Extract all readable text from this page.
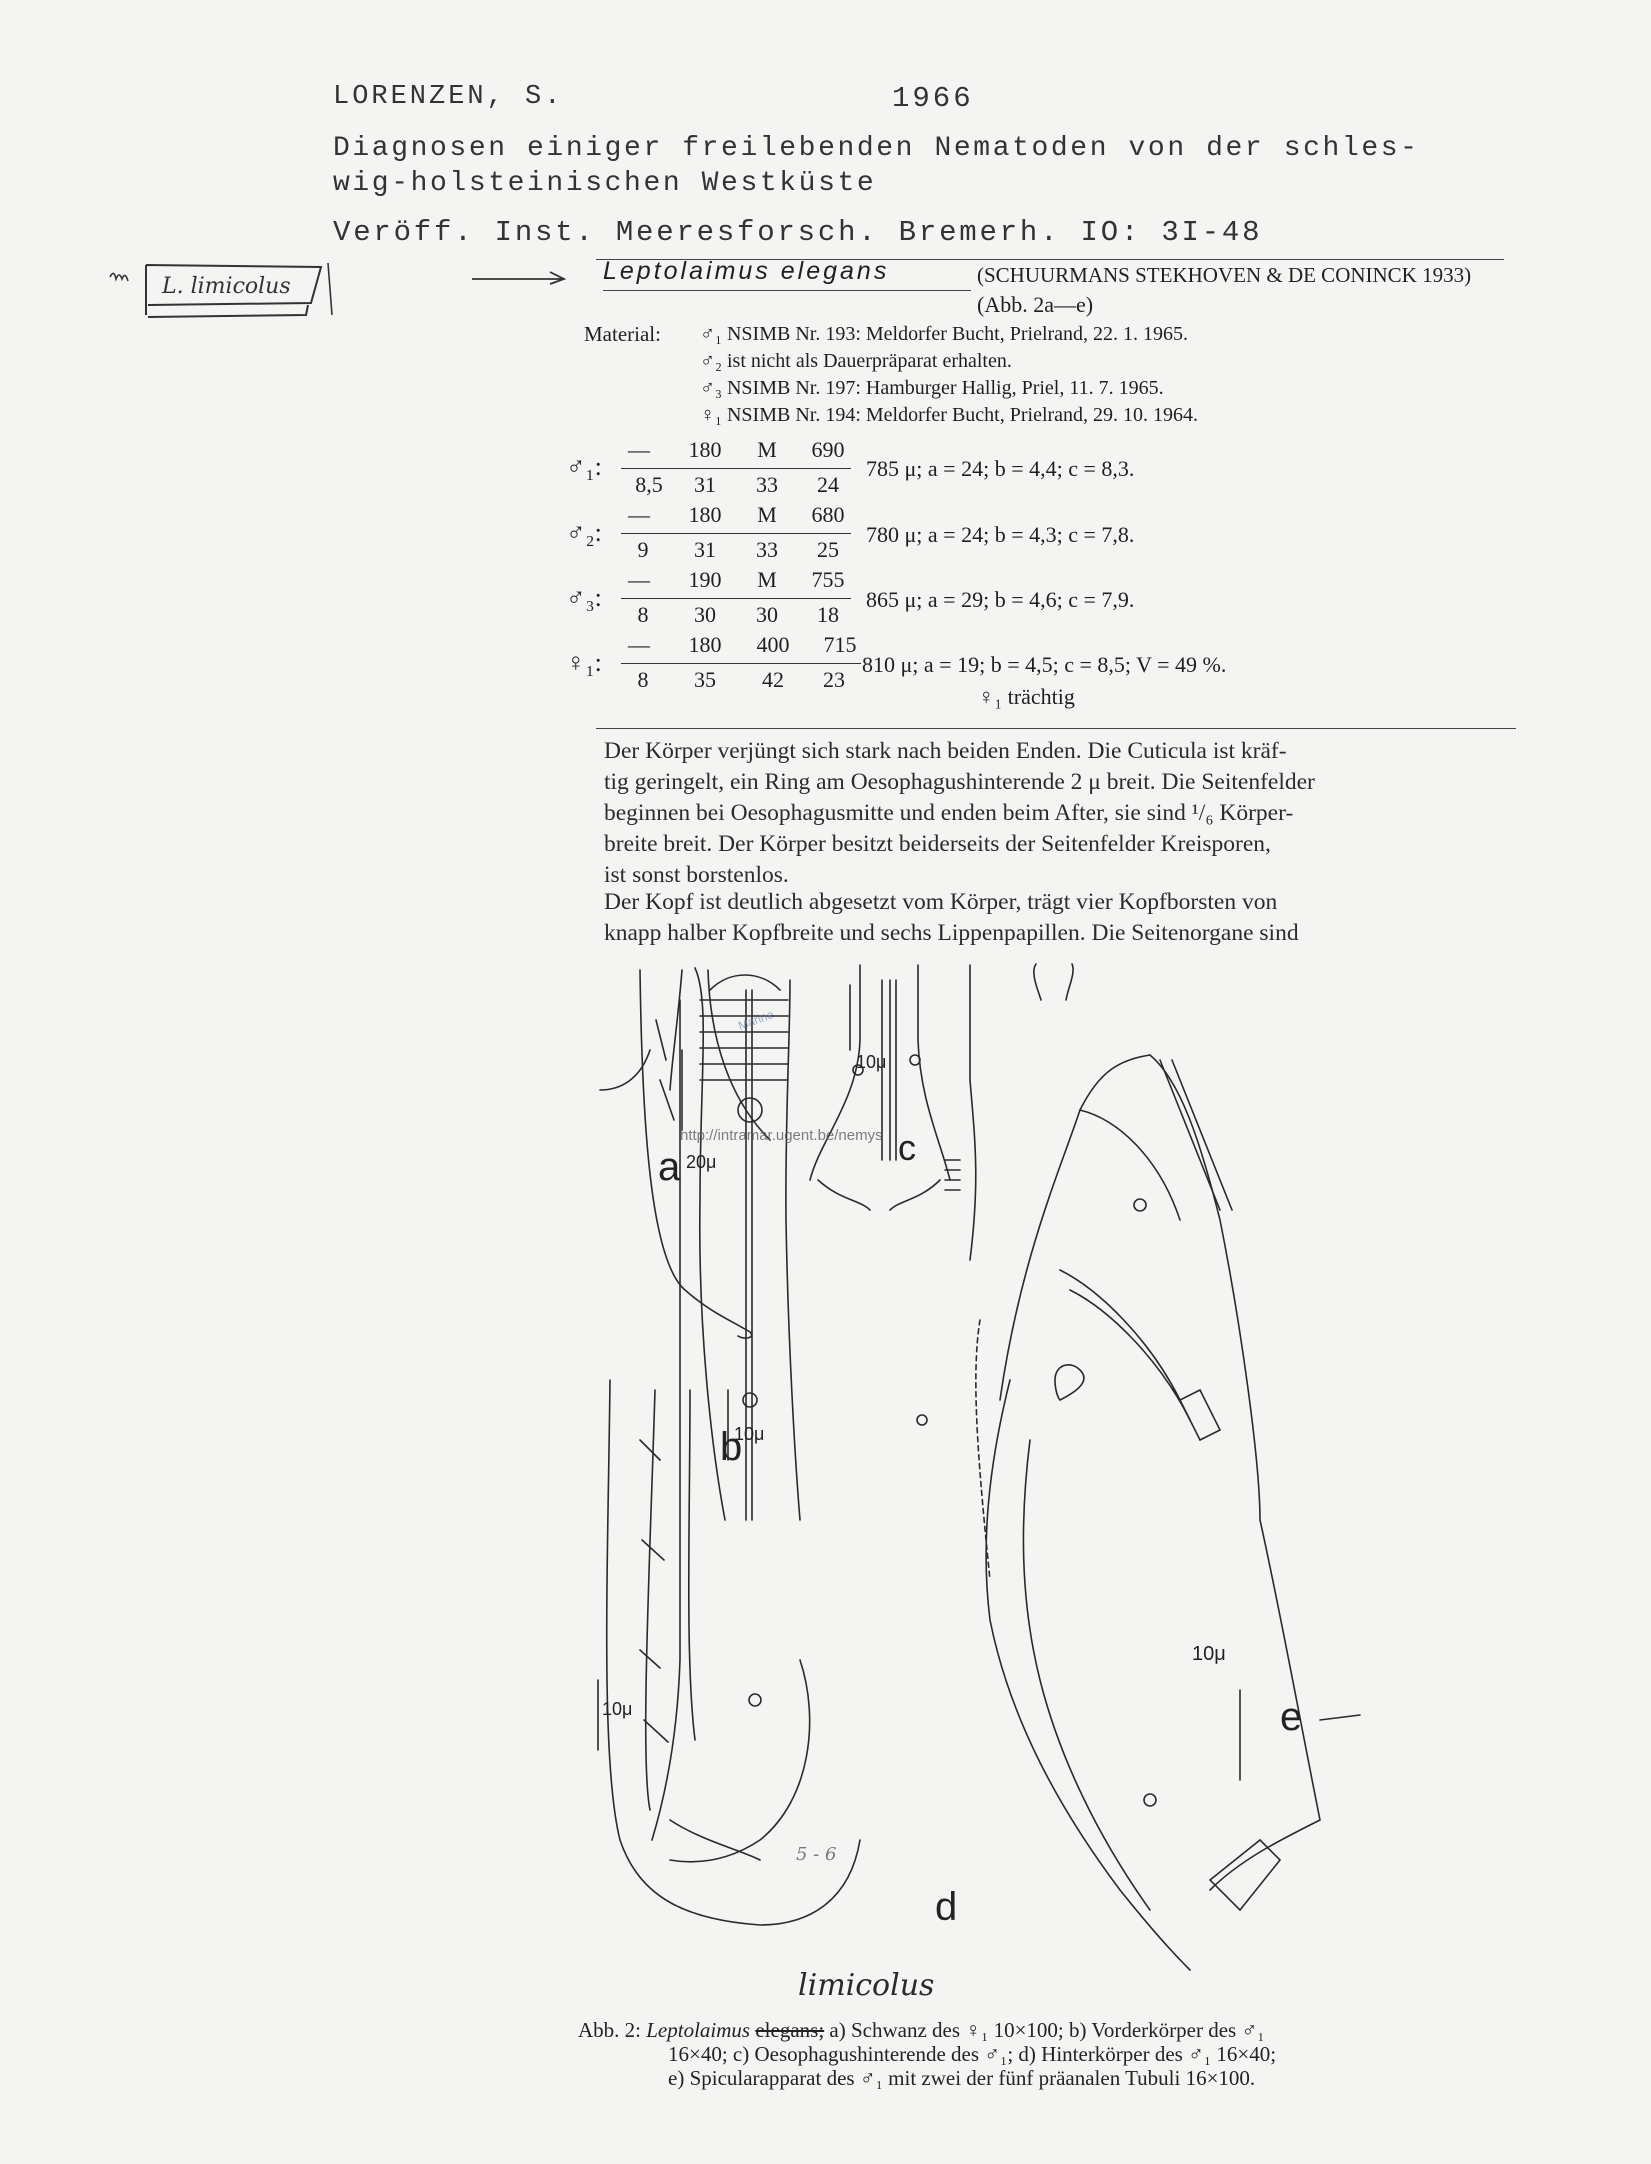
LORENZEN, S.	1966
Diagnosen einiger freilebenden Nematoden von der schles-
wig-holsteinischen Westküste
Veröff. Inst. Meeresforsch. Bremerh. IO: 3I-48
L. limicolus
Leptolaimus elegans	(SCHUURMANS STEKHOVEN & DE CONINCK 1933)
(Abb. 2a—e)
Material: ♂₁ NSIMB Nr. 193: Meldorfer Bucht, Prielrand, 22. 1. 1965.
♂₂ ist nicht als Dauerpräparat erhalten.
♂₃ NSIMB Nr. 197: Hamburger Hallig, Priel, 11. 7. 1965.
♀₁ NSIMB Nr. 194: Meldorfer Bucht, Prielrand, 29. 10. 1964.
♂₁:
—	180	M	690
8,5	31	33	24
785 μ; a = 24; b = 4,4; c = 8,3.
♂₂:
—	180	M	680
9	31	33	25
780 μ; a = 24; b = 4,3; c = 7,8.
♂₃:
—	190	M	755
8	30	30	18
865 μ; a = 29; b = 4,6; c = 7,9.
♀₁:
—	180	400	715
8	35	42	23
810 μ; a = 19; b = 4,5; c = 8,5; V = 49 %.
♀₁ trächtig
Der Körper verjüngt sich stark nach beiden Enden. Die Cuticula ist kräf-
tig geringelt, ein Ring am Oesophagushinterende 2 μ breit. Die Seitenfelder
beginnen bei Oesophagusmitte und enden beim After, sie sind ¹/₆ Körper-
breite breit. Der Körper besitzt beiderseits der Seitenfelder Kreisporen,
ist sonst borstenlos.
Der Kopf ist deutlich abgesetzt vom Körper, trägt vier Kopfborsten von
knapp halber Kopfbreite und sechs Lippenpapillen. Die Seitenorgane sind
a
b
c
d
e
20μ
10μ
10μ
10μ
10μ
5 - 6
http://intramar.ugent.be/nemys
Marine
limicolus
Abb. 2: Leptolaimus elegans; a) Schwanz des ♀₁ 10×100; b) Vorderkörper des ♂₁
16×40; c) Oesophagushinterende des ♂₁; d) Hinterkörper des ♂₁ 16×40;
e) Spicularapparat des ♂₁ mit zwei der fünf präanalen Tubuli 16×100.
